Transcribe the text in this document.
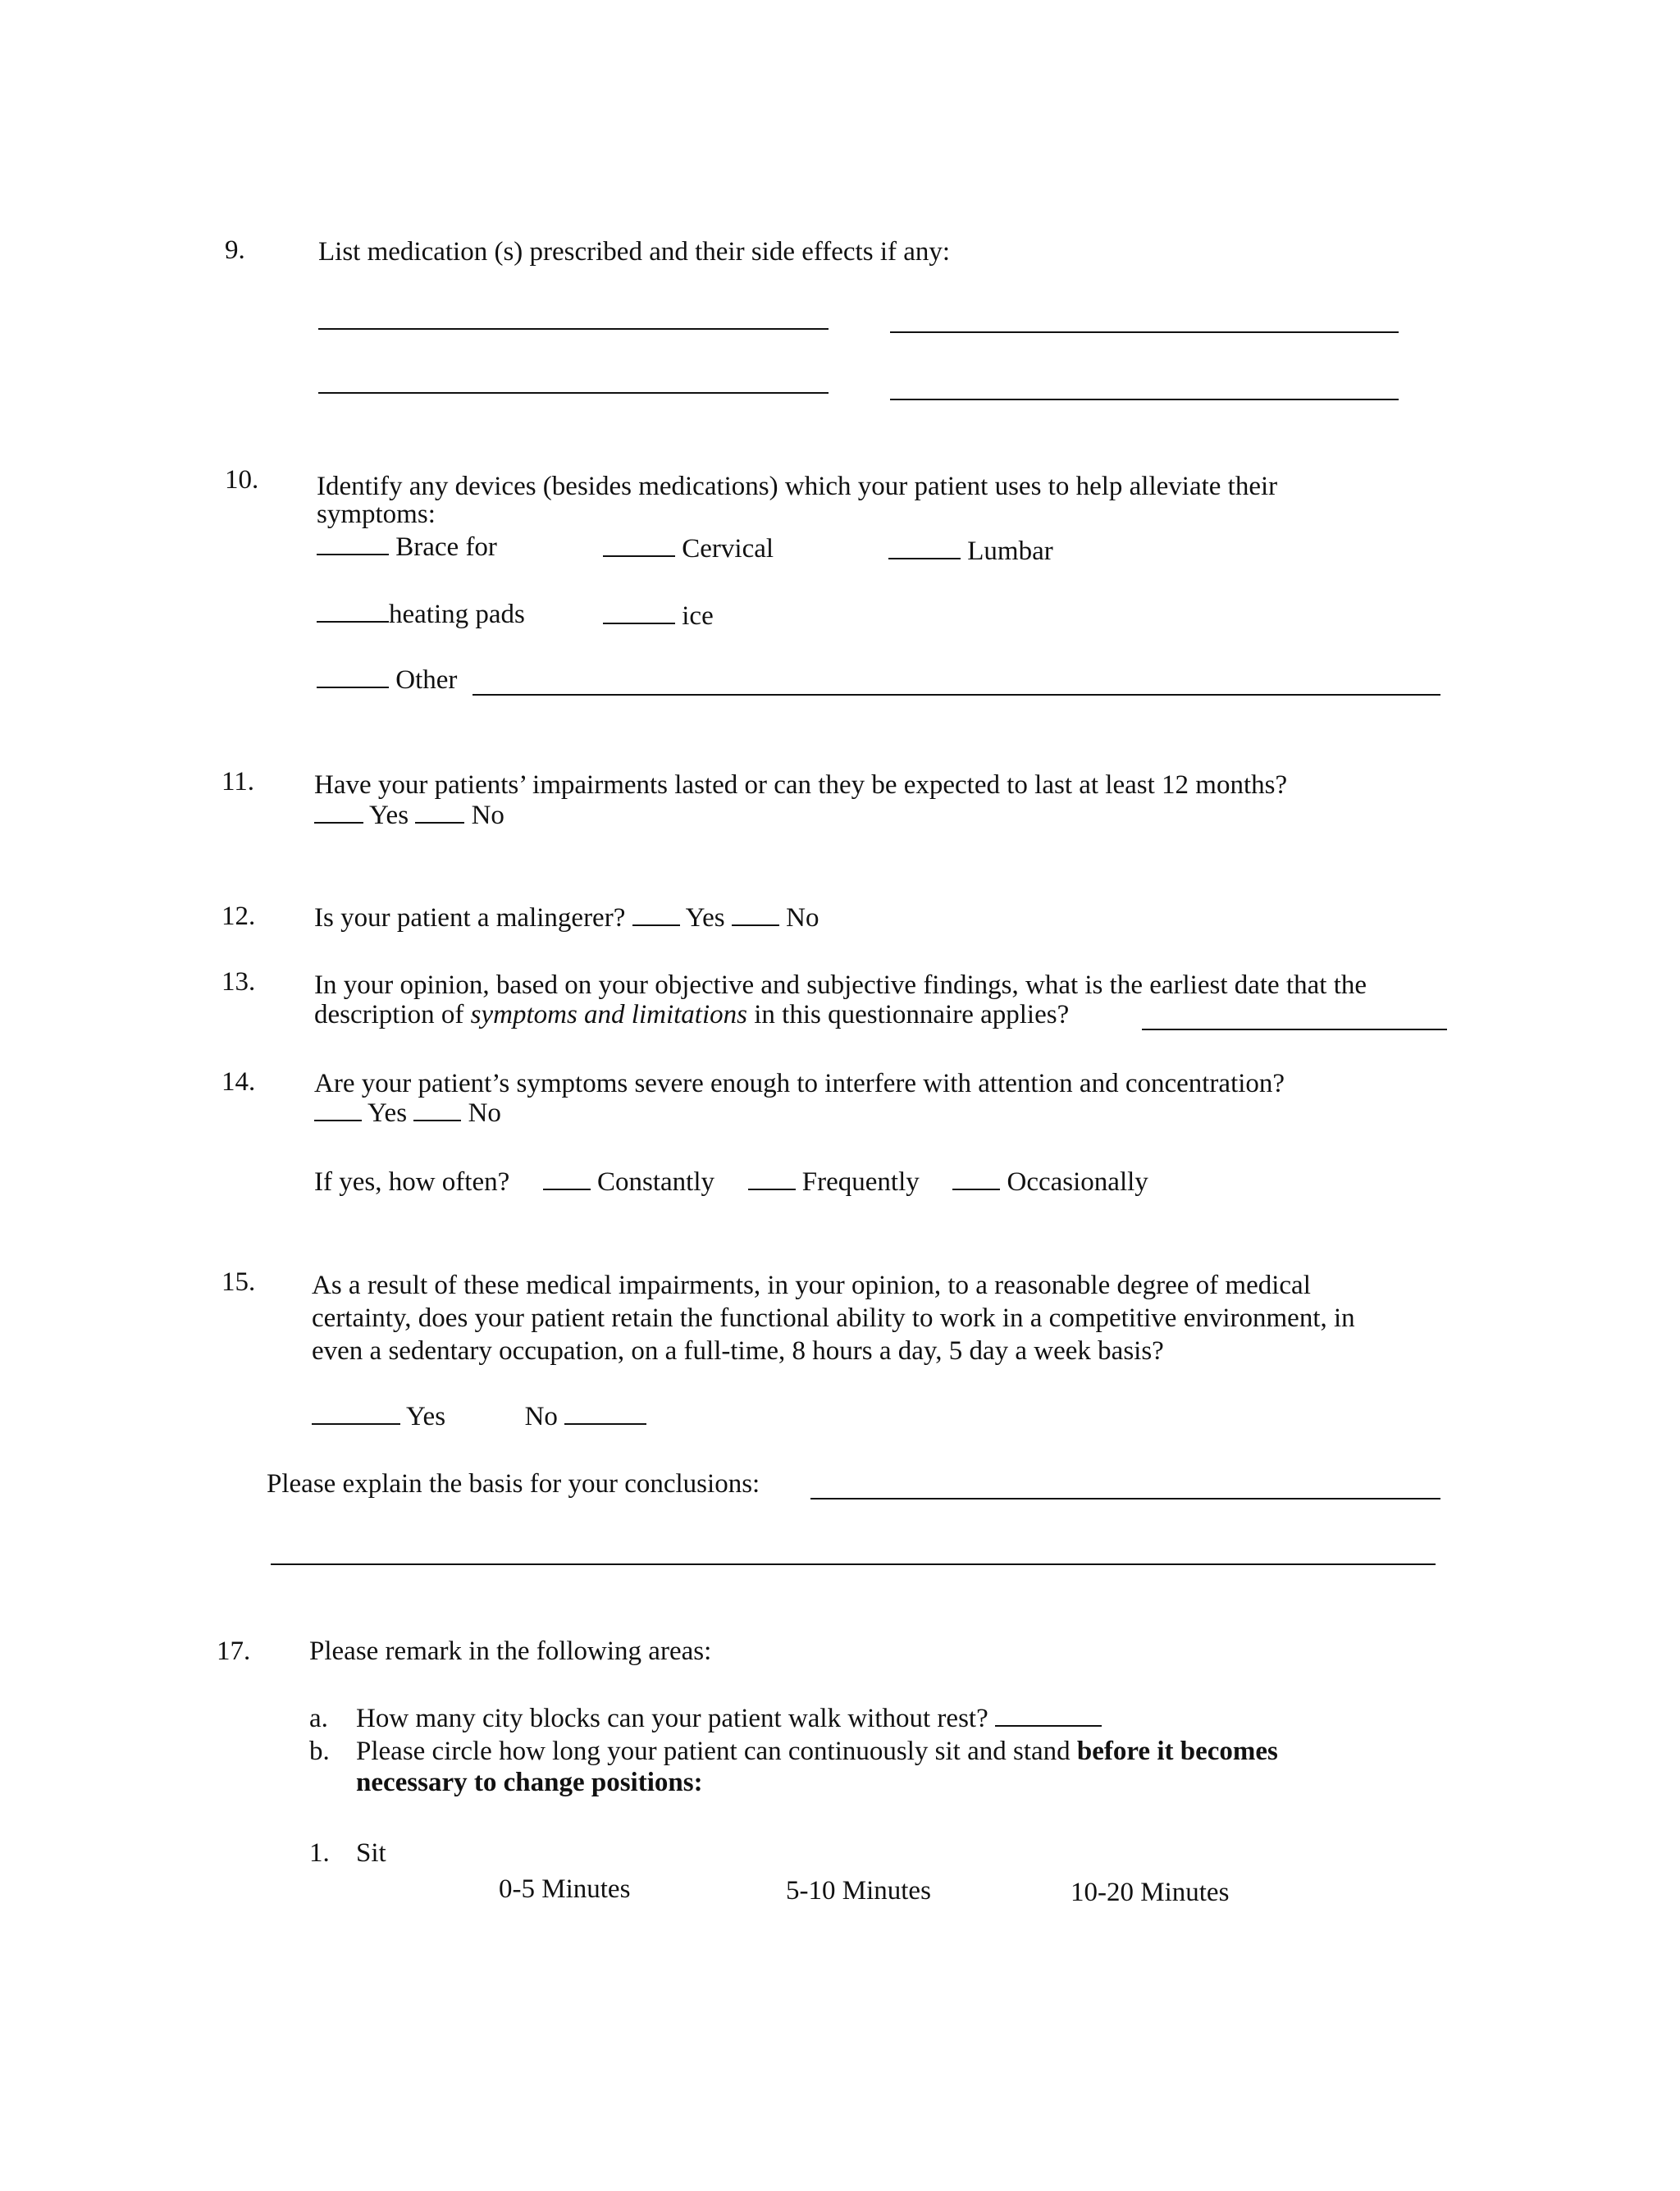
9.	List medication (s) prescribed and their side effects if any:
10. Identify any devices (besides medications) which your patient uses to help alleviate their
symptoms:
Brace for	Cervical	Lumbar
heating pads	ice
Other
11. Have your patients’ impairments lasted or can they be expected to last at least 12 months?
Yes No
12. Is your patient a malingerer? Yes No
13. In your opinion, based on your objective and subjective findings, what is the earliest date that the
description of symptoms and limitations in this questionnaire applies?
14. Are your patient’s symptoms severe enough to interfere with attention and concentration?
Yes No
If yes, how often?	Constantly	Frequently	Occasionally
15. As a result of these medical impairments, in your opinion, to a reasonable degree of medical
certainty, does your patient retain the functional ability to work in a competitive environment, in
even a sedentary occupation, on a full-time, 8 hours a day, 5 day a week basis?
Yes	No
Please explain the basis for your conclusions:
17. Please remark in the following areas:
a. How many city blocks can your patient walk without rest?
b. Please circle how long your patient can continuously sit and stand before it becomes
necessary to change positions:
1. Sit
0-5 Minutes	5-10 Minutes	10-20 Minutes
